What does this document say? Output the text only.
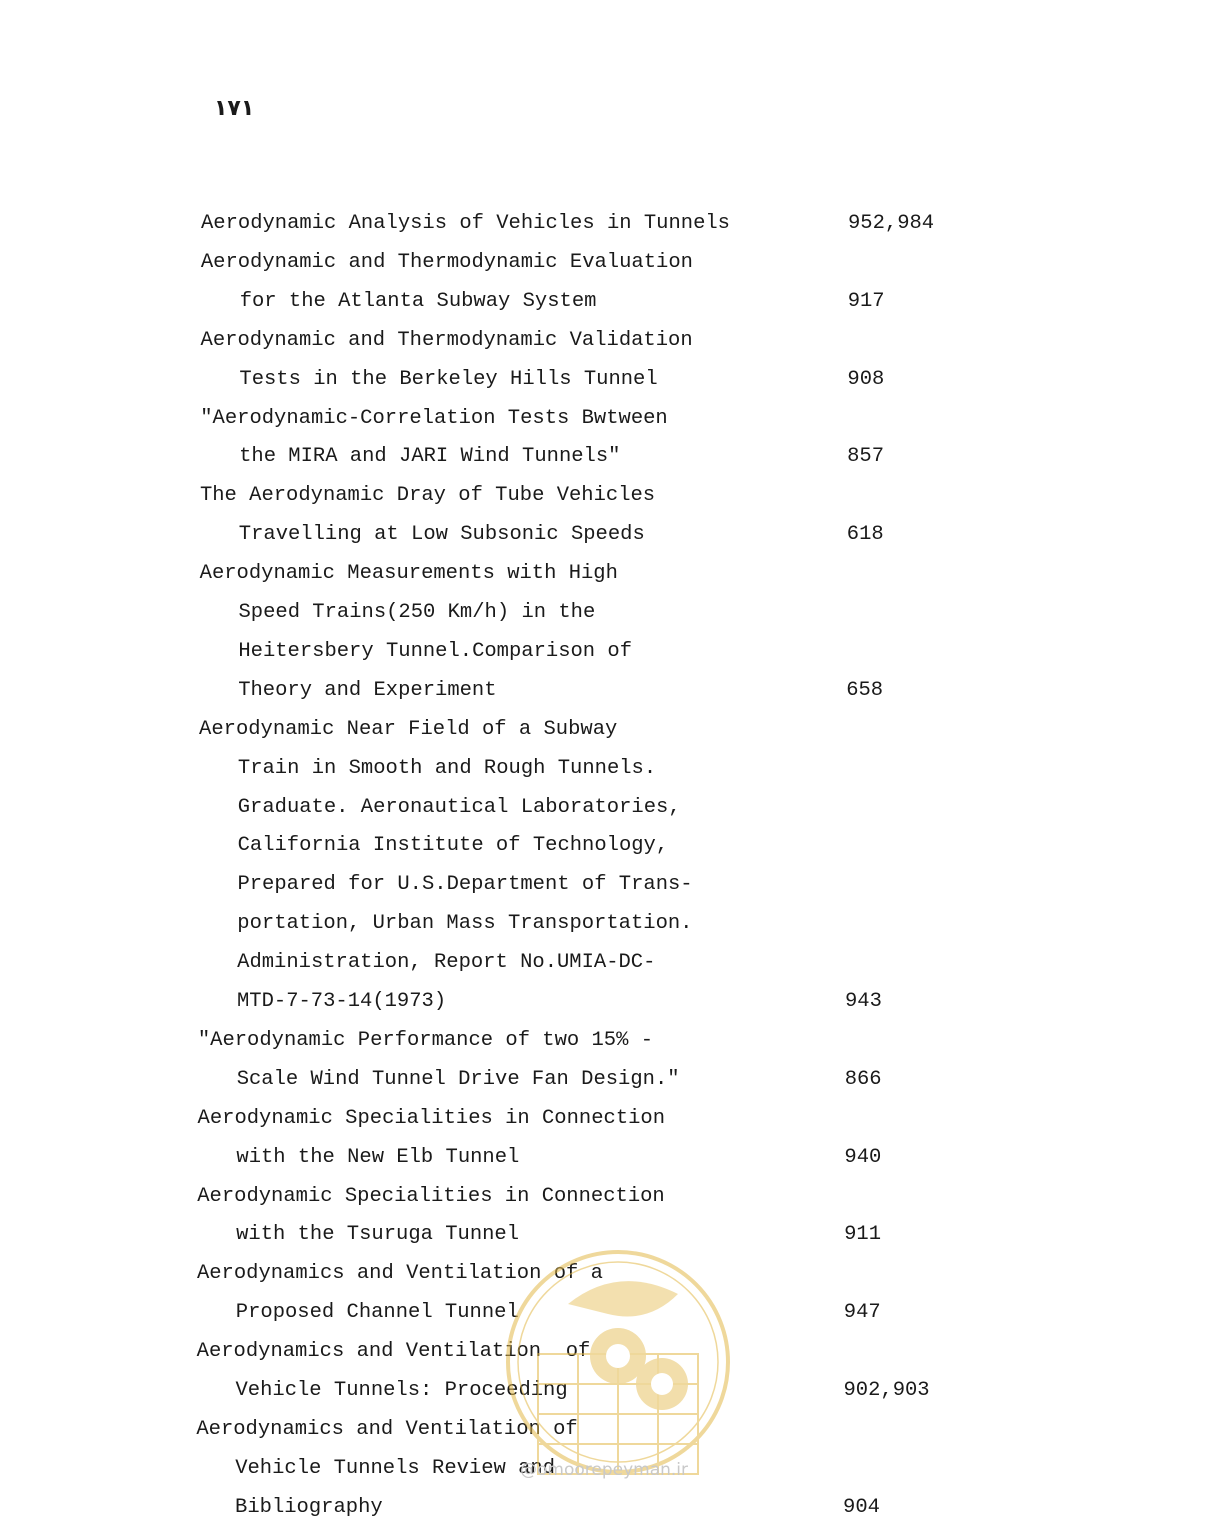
۱۷۱
Aerodynamic Analysis of Vehicles in Tunnels	952,984
Aerodynamic and Thermodynamic Evaluation
for the Atlanta Subway System	917
Aerodynamic and Thermodynamic Validation
Tests in the Berkeley Hills Tunnel	908
"Aerodynamic-Correlation Tests Bwtween
the MIRA and JARI Wind Tunnels"	857
The Aerodynamic Dray of Tube Vehicles
Travelling at Low Subsonic Speeds	618
Aerodynamic Measurements with High
Speed Trains(250 Km/h) in the
Heitersbery Tunnel.Comparison of
Theory and Experiment	658
Aerodynamic Near Field of a Subway
Train in Smooth and Rough Tunnels.
Graduate. Aeronautical Laboratories,
California Institute of Technology,
Prepared for U.S.Department of Trans-
portation, Urban Mass Transportation.
Administration, Report No.UMIA-DC-
MTD-7-73-14(1973)	943
"Aerodynamic Performance of two 15% -
Scale Wind Tunnel Drive Fan Design."	866
Aerodynamic Specialities in Connection
with the New Elb Tunnel	940
Aerodynamic Specialities in Connection
with the Tsuruga Tunnel	911
Aerodynamics and Ventilation of a
Proposed Channel Tunnel	947
Aerodynamics and Ventilation  of
Vehicle Tunnels: Proceeding	902,903
Aerodynamics and Ventilation of
Vehicle Tunnels Review and
Bibliography	904
@omoorepeyman.ir
